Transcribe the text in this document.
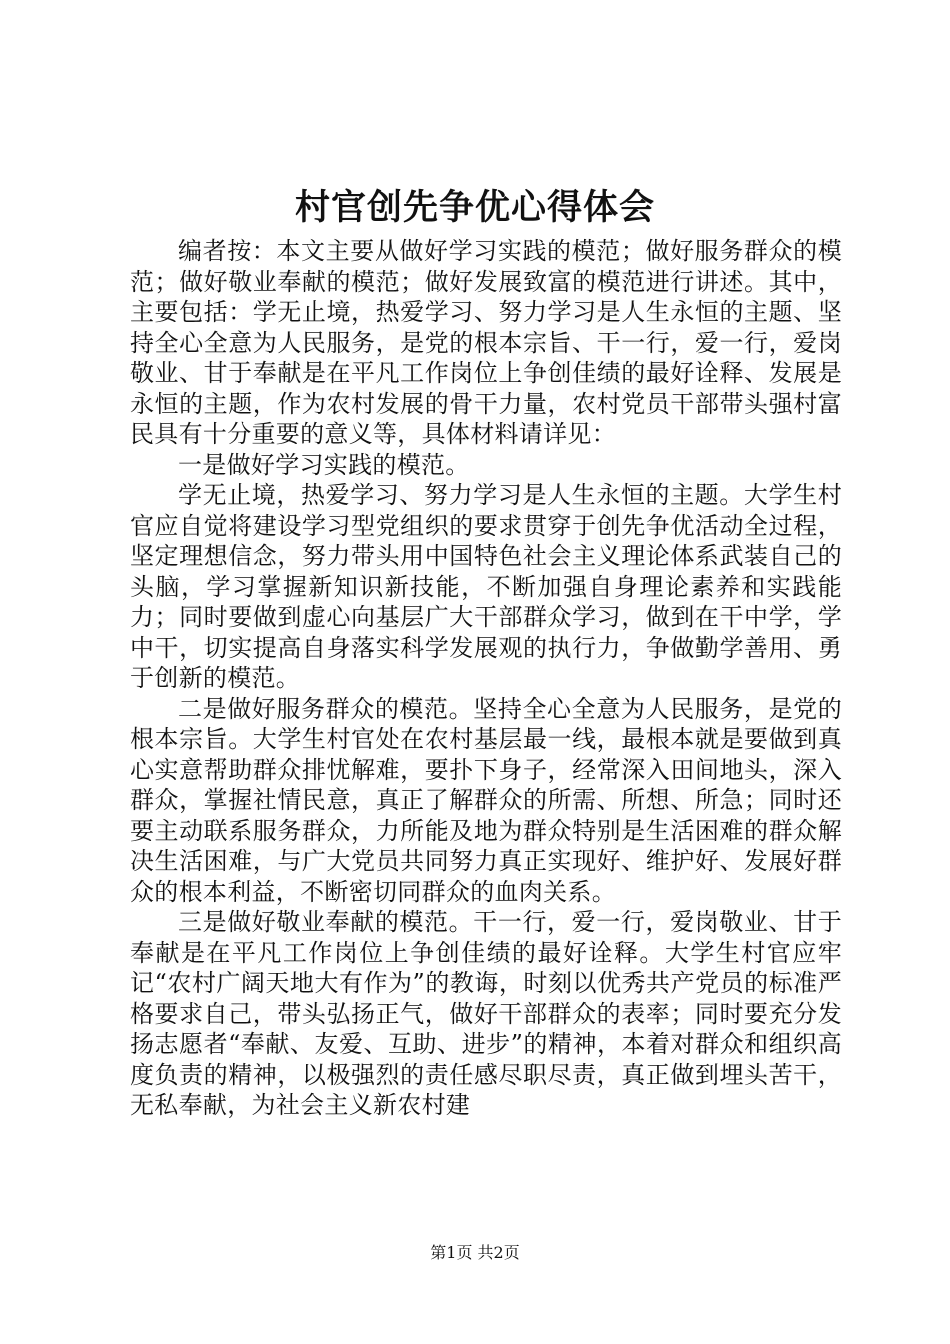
村官创先争优心得体会

编者按：本文主要从做好学习实践的模范；做好服务群众的模范；做好敬业奉献的模范；做好发展致富的模范进行讲述。其中，主要包括：学无止境，热爱学习、努力学习是人生永恒的主题、坚持全心全意为人民服务，是党的根本宗旨、干一行，爱一行，爱岗敬业、甘于奉献是在平凡工作岗位上争创佳绩的最好诠释、发展是永恒的主题，作为农村发展的骨干力量，农村党员干部带头强村富民具有十分重要的意义等，具体材料请详见：

一是做好学习实践的模范。

学无止境，热爱学习、努力学习是人生永恒的主题。大学生村官应自觉将建设学习型党组织的要求贯穿于创先争优活动全过程，坚定理想信念，努力带头用中国特色社会主义理论体系武装自己的头脑，学习掌握新知识新技能，不断加强自身理论素养和实践能力；同时要做到虚心向基层广大干部群众学习，做到在干中学，学中干，切实提高自身落实科学发展观的执行力，争做勤学善用、勇于创新的模范。

二是做好服务群众的模范。坚持全心全意为人民服务，是党的根本宗旨。大学生村官处在农村基层最一线，最根本就是要做到真心实意帮助群众排忧解难，要扑下身子，经常深入田间地头，深入群众，掌握社情民意，真正了解群众的所需、所想、所急；同时还要主动联系服务群众，力所能及地为群众特别是生活困难的群众解决生活困难，与广大党员共同努力真正实现好、维护好、发展好群众的根本利益，不断密切同群众的血肉关系。

三是做好敬业奉献的模范。干一行，爱一行，爱岗敬业、甘于奉献是在平凡工作岗位上争创佳绩的最好诠释。大学生村官应牢记“农村广阔天地大有作为”的教诲，时刻以优秀共产党员的标准严格要求自己，带头弘扬正气，做好干部群众的表率；同时要充分发扬志愿者“奉献、友爱、互助、进步”的精神，本着对群众和组织高度负责的精神，以极强烈的责任感尽职尽责，真正做到埋头苦干，无私奉献，为社会主义新农村建

第1页 共2页
